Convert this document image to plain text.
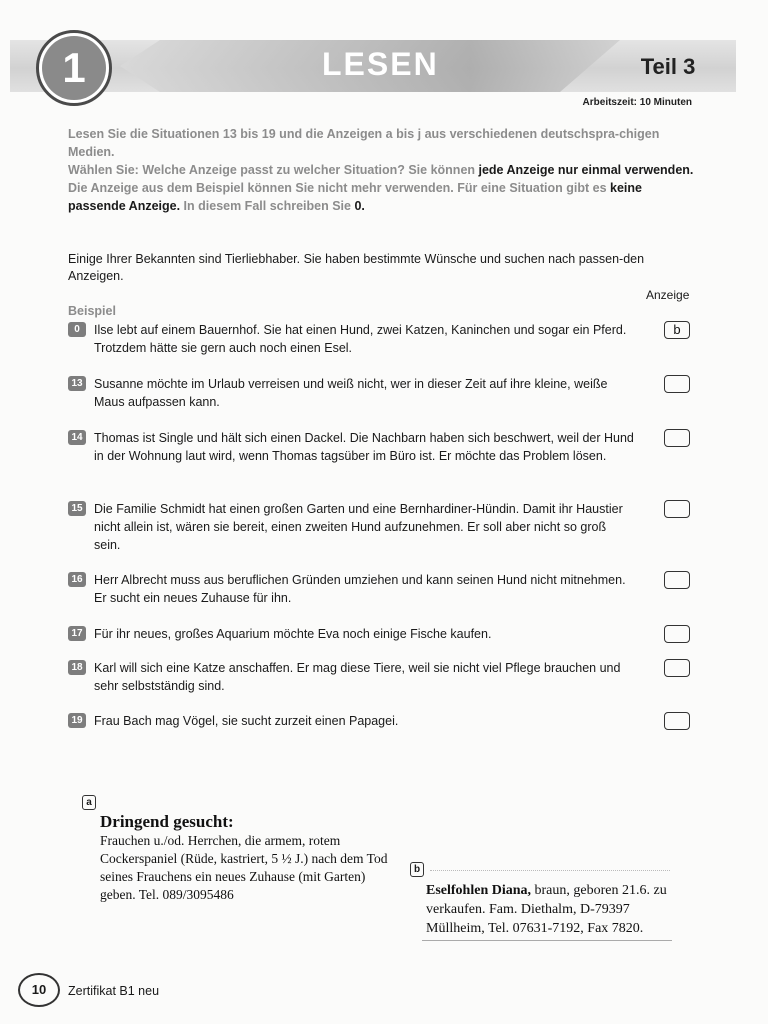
1	LESEN	Teil 3
Arbeitszeit: 10 Minuten
Lesen Sie die Situationen 13 bis 19 und die Anzeigen a bis j aus verschiedenen deutschspra-chigen Medien.
Wählen Sie: Welche Anzeige passt zu welcher Situation? Sie können jede Anzeige nur einmal verwenden.
Die Anzeige aus dem Beispiel können Sie nicht mehr verwenden. Für eine Situation gibt es keine passende Anzeige. In diesem Fall schreiben Sie 0.
Einige Ihrer Bekannten sind Tierliebhaber. Sie haben bestimmte Wünsche und suchen nach passen-den Anzeigen.
Anzeige
Beispiel
0	Ilse lebt auf einem Bauernhof. Sie hat einen Hund, zwei Katzen, Kaninchen und sogar ein Pferd. Trotzdem hätte sie gern auch noch einen Esel.
b
13 Susanne möchte im Urlaub verreisen und weiß nicht, wer in dieser Zeit auf ihre kleine, weiße Maus aufpassen kann.
14 Thomas ist Single und hält sich einen Dackel. Die Nachbarn haben sich beschwert, weil der Hund in der Wohnung laut wird, wenn Thomas tagsüber im Büro ist. Er möchte das Problem lösen.
15 Die Familie Schmidt hat einen großen Garten und eine Bernhardiner-Hündin. Damit ihr Haustier nicht allein ist, wären sie bereit, einen zweiten Hund aufzunehmen. Er soll aber nicht so groß sein.
16 Herr Albrecht muss aus beruflichen Gründen umziehen und kann seinen Hund nicht mitnehmen. Er sucht ein neues Zuhause für ihn.
17 Für ihr neues, großes Aquarium möchte Eva noch einige Fische kaufen.
18 Karl will sich eine Katze anschaffen. Er mag diese Tiere, weil sie nicht viel Pflege brauchen und sehr selbstständig sind.
19 Frau Bach mag Vögel, sie sucht zurzeit einen Papagei.
a
Dringend gesucht:
Frauchen u./od. Herrchen, die armem, rotem Cockerspaniel (Rüde, kastriert, 5 ½ J.) nach dem Tod seines Frauchens ein neues Zuhause (mit Garten) geben. Tel. 089/3095486
b
Eselfohlen Diana, braun, geboren 21.6. zu verkaufen. Fam. Diethalm, D-79397 Müllheim, Tel. 07631-7192, Fax 7820.
10	Zertifikat B1 neu
